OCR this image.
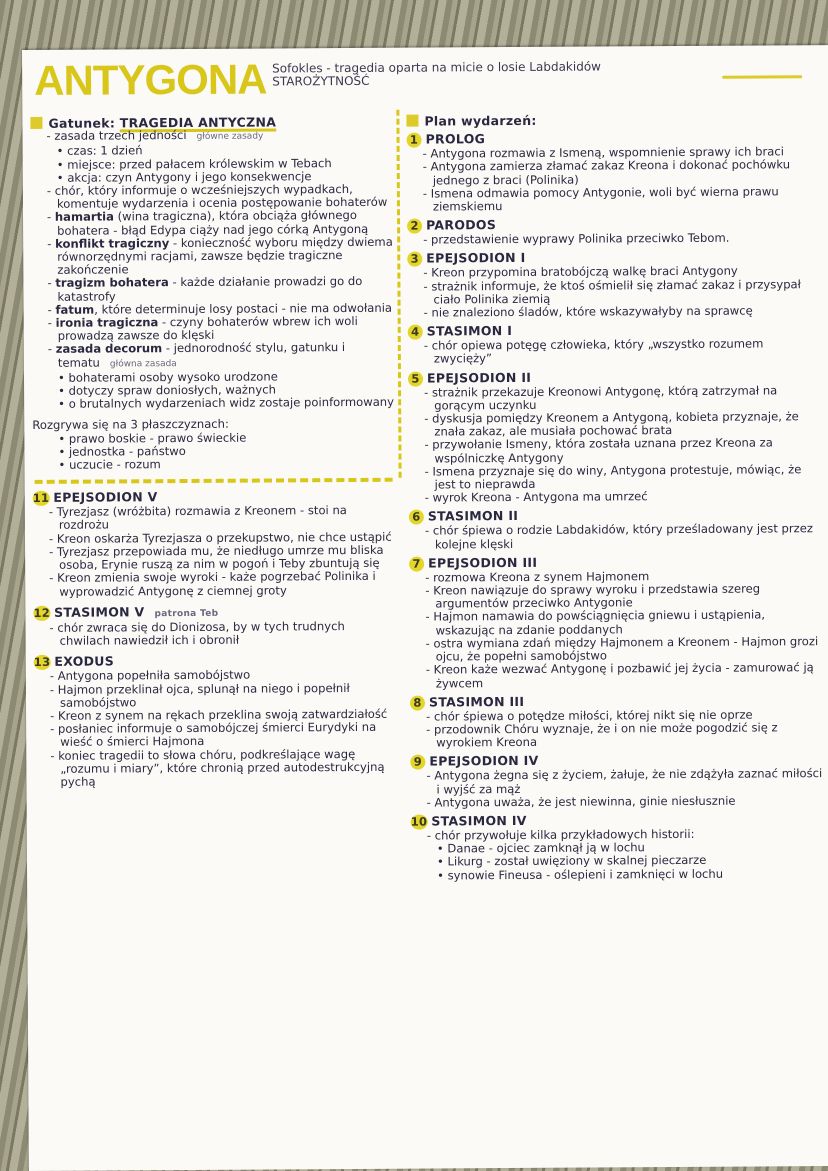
ANTYGONA Sofokles - tragedia oparta na micie o losie Labdakidów
STAROŻYTNOŚĆ
Gatunek: TRAGEDIA ANTYCZNA
- zasada trzech jedności główne zasady
• czas: 1 dzień
• miejsce: przed pałacem królewskim w Tebach
• akcja: czyn Antygony i jego konsekwencje
- chór, który informuje o wcześniejszych wypadkach, komentuje wydarzenia i ocenia postępowanie bohaterów
- hamartia (wina tragiczna), która obciąża głównego bohatera - błąd Edypa ciąży nad jego córką Antygoną
- konflikt tragiczny - konieczność wyboru między dwiema równorzędnymi racjami, zawsze będzie tragiczne zakończenie
- tragizm bohatera - każde działanie prowadzi go do katastrofy
- fatum, które determinuje losy postaci - nie ma odwołania
- ironia tragiczna - czyny bohaterów wbrew ich woli prowadzą zawsze do klęski
- zasada decorum - jednorodność stylu, gatunku i tematu główna zasada
• bohaterami osoby wysoko urodzone
• dotyczy spraw doniosłych, ważnych
• o brutalnych wydarzeniach widz zostaje poinformowany
Rozgrywa się na 3 płaszczyznach:
• prawo boskie - prawo świeckie
• jednostka - państwo
• uczucie - rozum
11 EPEJSODION V
- Tyrezjasz (wróżbita) rozmawia z Kreonem - stoi na rozdrożu
- Kreon oskarża Tyrezjasza o przekupstwo, nie chce ustąpić
- Tyrezjasz przepowiada mu, że niedługo umrze mu bliska osoba, Erynie ruszą za nim w pogoń i Teby zbuntują się
- Kreon zmienia swoje wyroki - każe pogrzebać Polinika i wyprowadzić Antygonę z ciemnej groty
12 STASIMON V patrona Teb
- chór zwraca się do Dionizosa, by w tych trudnych chwilach nawiedził ich i obronił
13 EXODUS
- Antygona popełniła samobójstwo
- Hajmon przeklinał ojca, splunął na niego i popełnił samobójstwo
- Kreon z synem na rękach przeklina swoją zatwardziałość
- posłaniec informuje o samobójczej śmierci Eurydyki na wieść o śmierci Hajmona
- koniec tragedii to słowa chóru, podkreślające wagę „rozumu i miary”, które chronią przed autodestrukcyjną pychą
Plan wydarzeń:
1 PROLOG
- Antygona rozmawia z Ismeną, wspomnienie sprawy ich braci
- Antygona zamierza złamać zakaz Kreona i dokonać pochówku jednego z braci (Polinika)
- Ismena odmawia pomocy Antygonie, woli być wierna prawu ziemskiemu
2 PARODOS
- przedstawienie wyprawy Polinika przeciwko Tebom.
3 EPEJSODION I
- Kreon przypomina bratobójczą walkę braci Antygony
- strażnik informuje, że ktoś ośmielił się złamać zakaz i przysypał ciało Polinika ziemią
- nie znaleziono śladów, które wskazywałyby na sprawcę
4 STASIMON I
- chór opiewa potęgę człowieka, który „wszystko rozumem zwycięży”
5 EPEJSODION II
- strażnik przekazuje Kreonowi Antygonę, którą zatrzymał na gorącym uczynku
- dyskusja pomiędzy Kreonem a Antygoną, kobieta przyznaje, że znała zakaz, ale musiała pochować brata
- przywołanie Ismeny, która została uznana przez Kreona za wspólniczkę Antygony
- Ismena przyznaje się do winy, Antygona protestuje, mówiąc, że jest to nieprawda
- wyrok Kreona - Antygona ma umrzeć
6 STASIMON II
- chór śpiewa o rodzie Labdakidów, który prześladowany jest przez kolejne klęski
7 EPEJSODION III
- rozmowa Kreona z synem Hajmonem
- Kreon nawiązuje do sprawy wyroku i przedstawia szereg argumentów przeciwko Antygonie
- Hajmon namawia do powściągnięcia gniewu i ustąpienia, wskazując na zdanie poddanych
- ostra wymiana zdań między Hajmonem a Kreonem - Hajmon grozi ojcu, że popełni samobójstwo
- Kreon każe wezwać Antygonę i pozbawić jej życia - zamurować ją żywcem
8 STASIMON III
- chór śpiewa o potędze miłości, której nikt się nie oprze
- przodownik Chóru wyznaje, że i on nie może pogodzić się z wyrokiem Kreona
9 EPEJSODION IV
- Antygona żegna się z życiem, żałuje, że nie zdążyła zaznać miłości i wyjść za mąż
- Antygona uważa, że jest niewinna, ginie niesłusznie
10 STASIMON IV
- chór przywołuje kilka przykładowych historii:
• Danae - ojciec zamknął ją w lochu
• Likurg - został uwięziony w skalnej pieczarze
• synowie Fineusa - oślepieni i zamknięci w lochu
